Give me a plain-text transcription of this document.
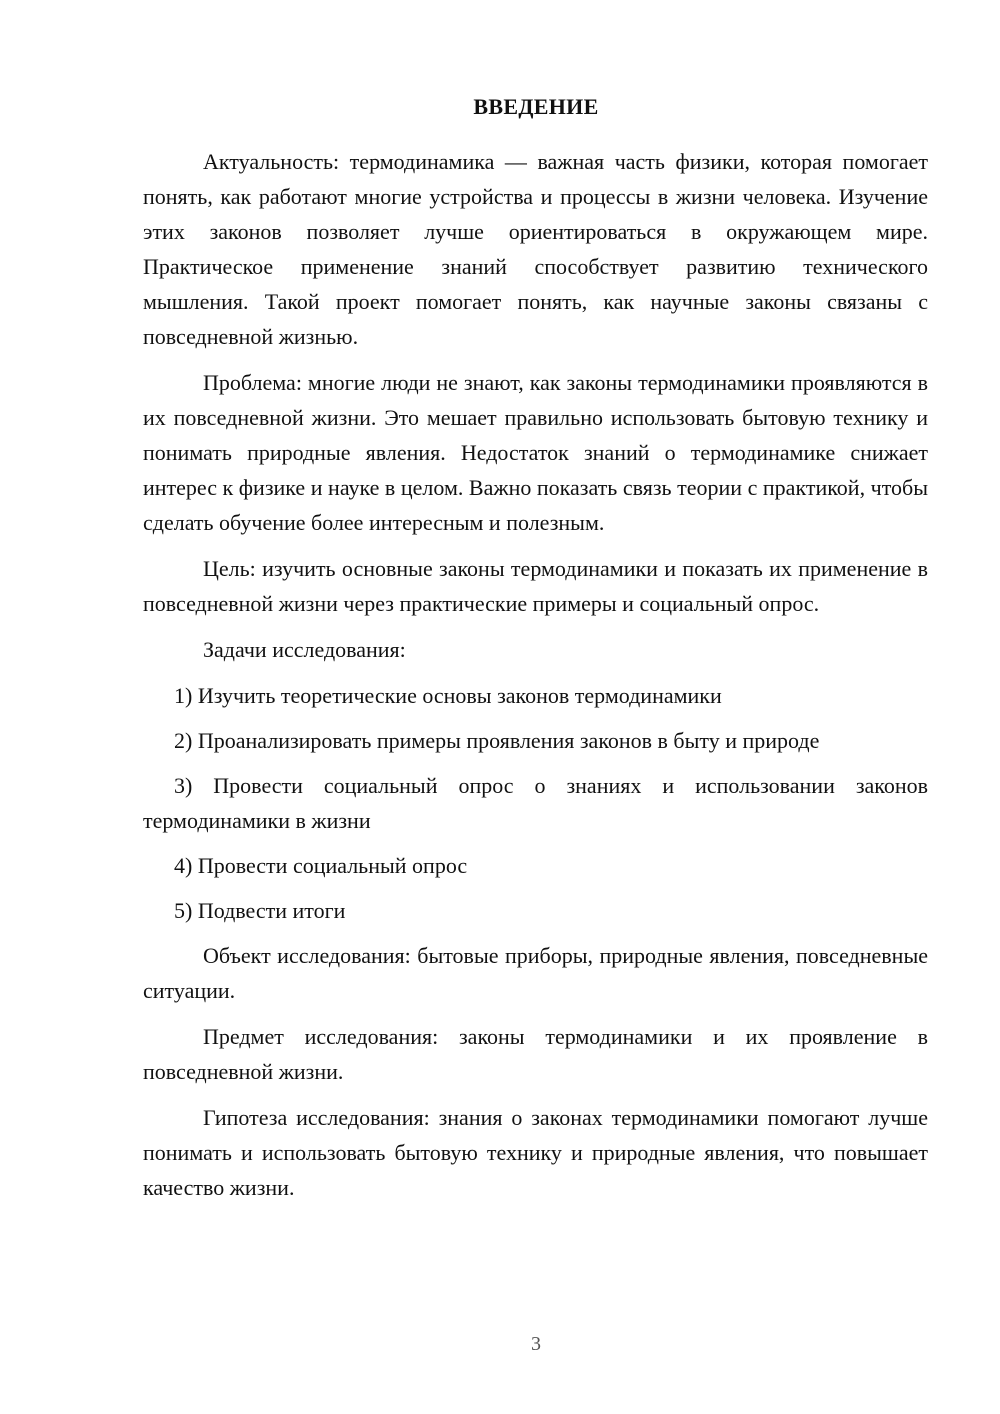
ВВЕДЕНИЕ

Актуальность: термодинамика — важная часть физики, которая помогает понять, как работают многие устройства и процессы в жизни человека. Изучение этих законов позволяет лучше ориентироваться в окружающем мире. Практическое применение знаний способствует развитию технического мышления. Такой проект помогает понять, как научные законы связаны с повседневной жизнью.

Проблема: многие люди не знают, как законы термодинамики проявляются в их повседневной жизни. Это мешает правильно использовать бытовую технику и понимать природные явления. Недостаток знаний о термодинамике снижает интерес к физике и науке в целом. Важно показать связь теории с практикой, чтобы сделать обучение более интересным и полезным.

Цель: изучить основные законы термодинамики и показать их применение в повседневной жизни через практические примеры и социальный опрос.

Задачи исследования:

1) Изучить теоретические основы законов термодинамики

2) Проанализировать примеры проявления законов в быту и природе

3) Провести социальный опрос о знаниях и использовании законов термодинамики в жизни

4) Провести социальный опрос

5) Подвести итоги

Объект исследования: бытовые приборы, природные явления, повседневные ситуации.

Предмет исследования: законы термодинамики и их проявление в повседневной жизни.

Гипотеза исследования: знания о законах термодинамики помогают лучше понимать и использовать бытовую технику и природные явления, что повышает качество жизни.

3
